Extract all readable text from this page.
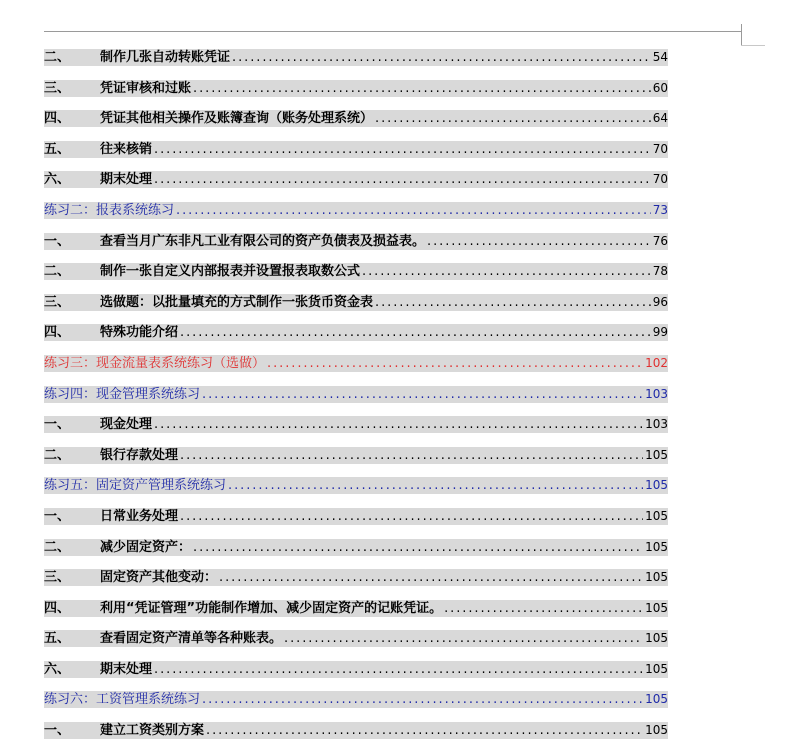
二、	制作几张自动转账凭证 . . .	54
三、	凭证审核和过账 . . .	60
四、	凭证其他相关操作及账簿查询（账务处理系统） . . .	64
五、	往来核销 . . .	70
六、	期末处理 . . .	70
练习二：报表系统练习 . . .	73
一、	查看当月广东非凡工业有限公司的资产负债表及损益表。 . . .	76
二、	制作一张自定义内部报表并设置报表取数公式 . . .	78
三、	选做题：以批量填充的方式制作一张货币资金表 . . .	96
四、	特殊功能介绍 . . .	99
练习三：现金流量表系统练习（选做） . . .	102
练习四：现金管理系统练习 . . .	103
一、	现金处理 . . .	103
二、	银行存款处理 . . .	105
练习五：固定资产管理系统练习 . . .	105
一、	日常业务处理 . . .	105
二、	减少固定资产： . . .	105
三、	固定资产其他变动： . . .	105
四、	利用“凭证管理”功能制作增加、减少固定资产的记账凭证。 . . .	105
五、	查看固定资产清单等各种账表。 . . .	105
六、	期末处理 . . .	105
练习六：工资管理系统练习 . . .	105
一、	建立工资类别方案 . . .	105
